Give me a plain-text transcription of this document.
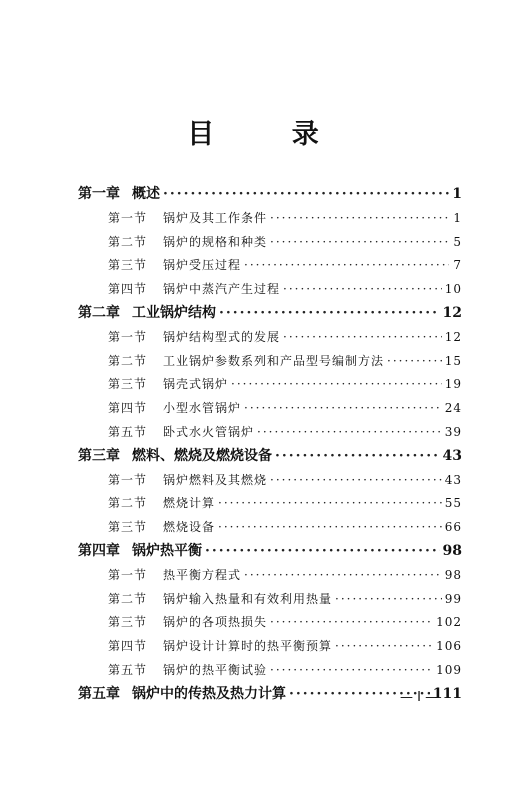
目 录
第一章 概述 ·····	1
第一节 锅炉及其工作条件 ·····	1
第二节 锅炉的规格和种类 ·····	5
第三节 锅炉受压过程 ·····	7
第四节 锅炉中蒸汽产生过程 ·····	10
第二章 工业锅炉结构 ·····	12
第一节 锅炉结构型式的发展 ·····	12
第二节 工业锅炉参数系列和产品型号编制方法 ·····	15
第三节 锅壳式锅炉 ·····	19
第四节 小型水管锅炉 ·····	24
第五节 卧式水火管锅炉 ·····	39
第三章 燃料、燃烧及燃烧设备 ·····	43
第一节 锅炉燃料及其燃烧 ·····	43
第二节 燃烧计算 ·····	55
第三节 燃烧设备 ·····	66
第四章 锅炉热平衡 ·····	98
第一节 热平衡方程式 ·····	98
第二节 锅炉输入热量和有效利用热量 ·····	99
第三节 锅炉的各项热损失 ·····	102
第四节 锅炉设计计算时的热平衡预算 ·····	106
第五节 锅炉的热平衡试验 ·····	109
第五章 锅炉中的传热及热力计算 ·····	111
— I —
